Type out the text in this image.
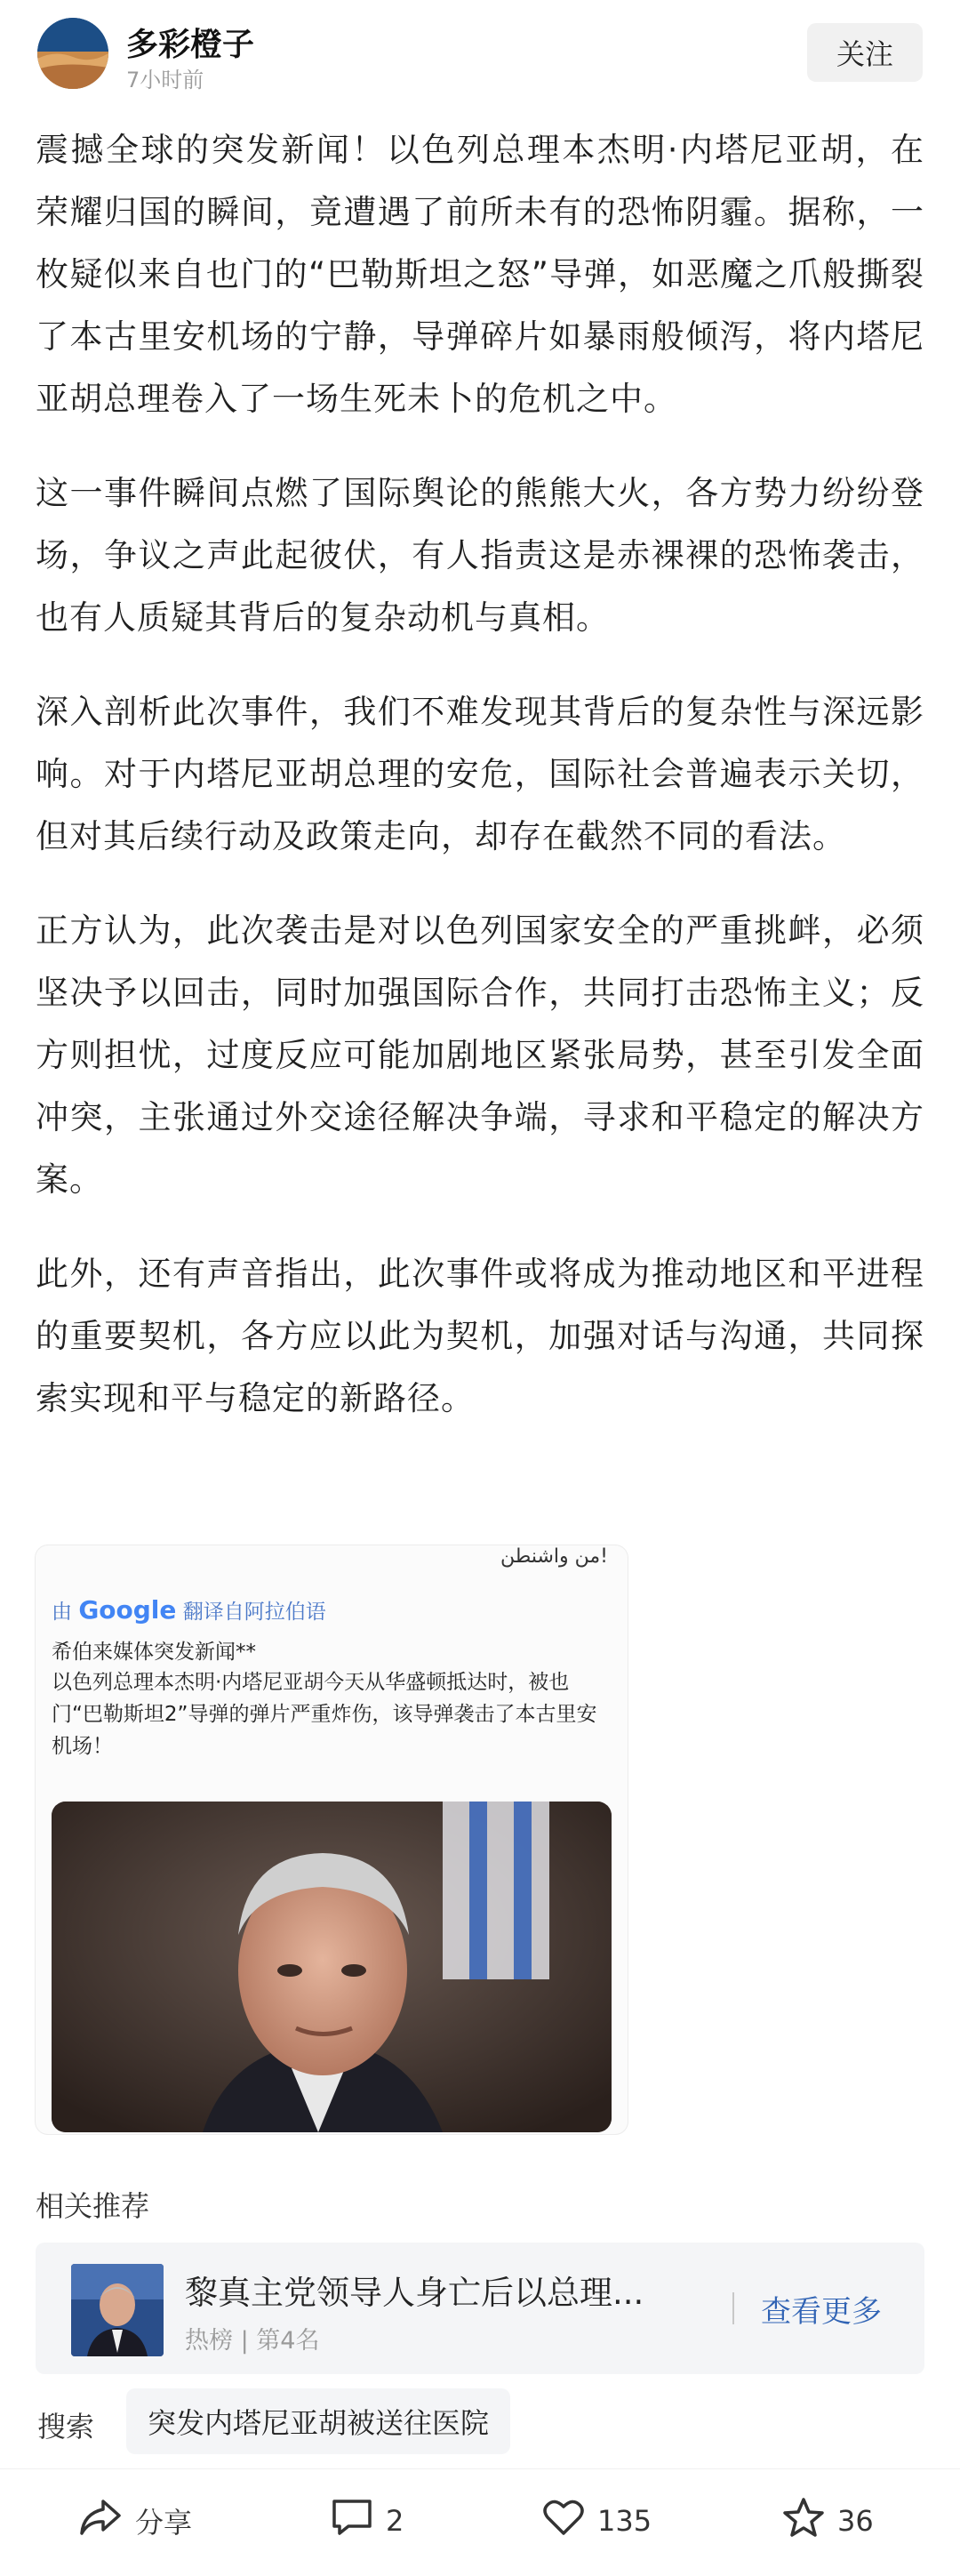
多彩橙子
7小时前
关注

震撼全球的突发新闻！以色列总理本杰明·内塔尼亚胡，在荣耀归国的瞬间，竟遭遇了前所未有的恐怖阴霾。据称，一枚疑似来自也门的“巴勒斯坦之怒”导弹，如恶魔之爪般撕裂了本古里安机场的宁静，导弹碎片如暴雨般倾泻，将内塔尼亚胡总理卷入了一场生死未卜的危机之中。

这一事件瞬间点燃了国际舆论的熊熊大火，各方势力纷纷登场，争议之声此起彼伏，有人指责这是赤裸裸的恐怖袭击，也有人质疑其背后的复杂动机与真相。

深入剖析此次事件，我们不难发现其背后的复杂性与深远影响。对于内塔尼亚胡总理的安危，国际社会普遍表示关切，但对其后续行动及政策走向，却存在截然不同的看法。

正方认为，此次袭击是对以色列国家安全的严重挑衅，必须坚决予以回击，同时加强国际合作，共同打击恐怖主义；反方则担忧，过度反应可能加剧地区紧张局势，甚至引发全面冲突，主张通过外交途径解决争端，寻求和平稳定的解决方案。

此外，还有声音指出，此次事件或将成为推动地区和平进程的重要契机，各方应以此为契机，加强对话与沟通，共同探索实现和平与稳定的新路径。

من واشنطن!
由 Google 翻译自阿拉伯语
希伯来媒体突发新闻**
以色列总理本杰明·内塔尼亚胡今天从华盛顿抵达时，被也门“巴勒斯坦2”导弹的弹片严重炸伤，该导弹袭击了本古里安机场！
相关推荐
黎真主党领导人身亡后以总理...
热榜 | 第4名
查看更多
搜索	突发内塔尼亚胡被送往医院
分享	2	135	36
